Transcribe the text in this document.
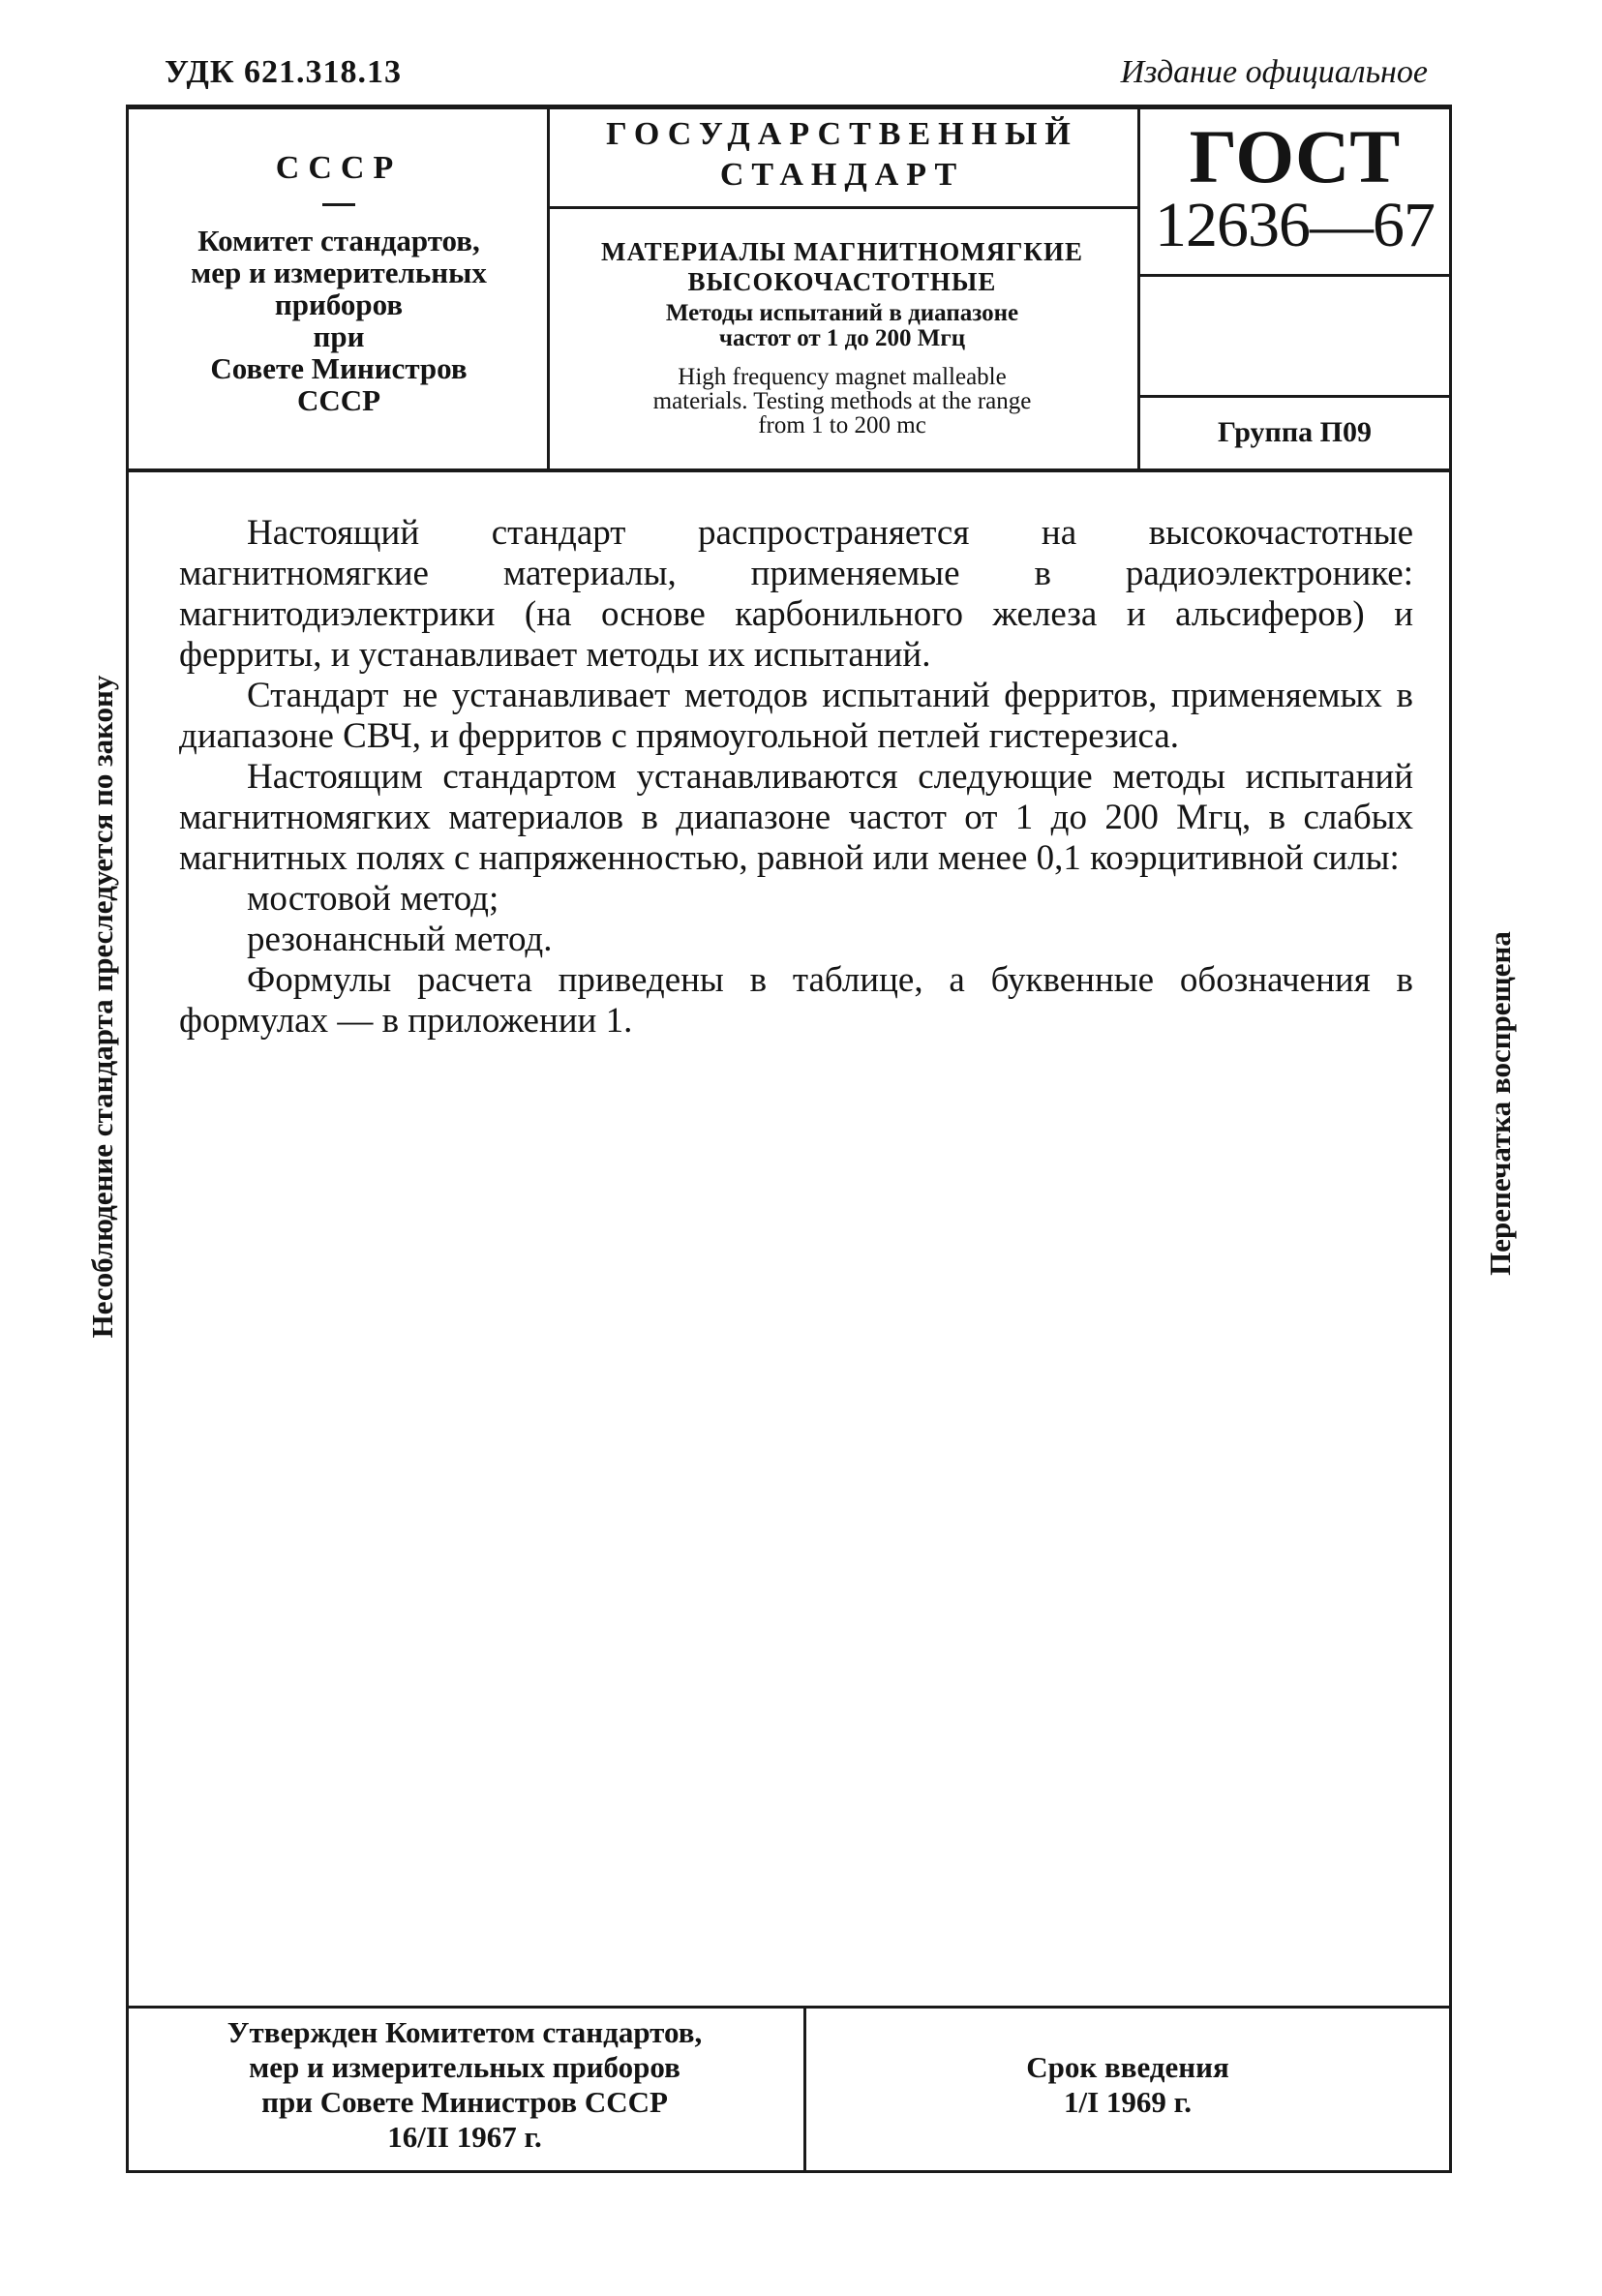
УДК 621.318.13	Издание официальное
СССР
Комитет стандартов,
мер и измерительных
приборов
при
Совете Министров
СССР
ГОСУДАРСТВЕННЫЙ
СТАНДАРТ
МАТЕРИАЛЫ МАГНИТНОМЯГКИЕ
ВЫСОКОЧАСТОТНЫЕ
Методы испытаний в диапазоне
частот от 1 до 200 Мгц
High frequency magnet malleable
materials. Testing methods at the range
from 1 to 200 mc
ГОСТ
12636—67
Группа П09

Настоящий стандарт распространяется на высокочастотные магнитномягкие материалы, применяемые в радиоэлектронике: магнитодиэлектрики (на основе карбонильного железа и альсиферов) и ферриты, и устанавливает методы их испытаний.

Стандарт не устанавливает методов испытаний ферритов, применяемых в диапазоне СВЧ, и ферритов с прямоугольной петлей гистерезиса.

Настоящим стандартом устанавливаются следующие методы испытаний магнитномягких материалов в диапазоне частот от 1 до 200 Мгц, в слабых магнитных полях с напряженностью, равной или менее 0,1 коэрцитивной силы:

мостовой метод;

резонансный метод.

Формулы расчета приведены в таблице, а буквенные обозначения в формулах — в приложении 1.

Утвержден Комитетом стандартов,
мер и измерительных приборов
при Совете Министров СССР
16/II 1967 г.
Срок введения
1/I 1969 г.
Несоблюдение стандарта преследуется по закону	Перепечатка воспрещена
